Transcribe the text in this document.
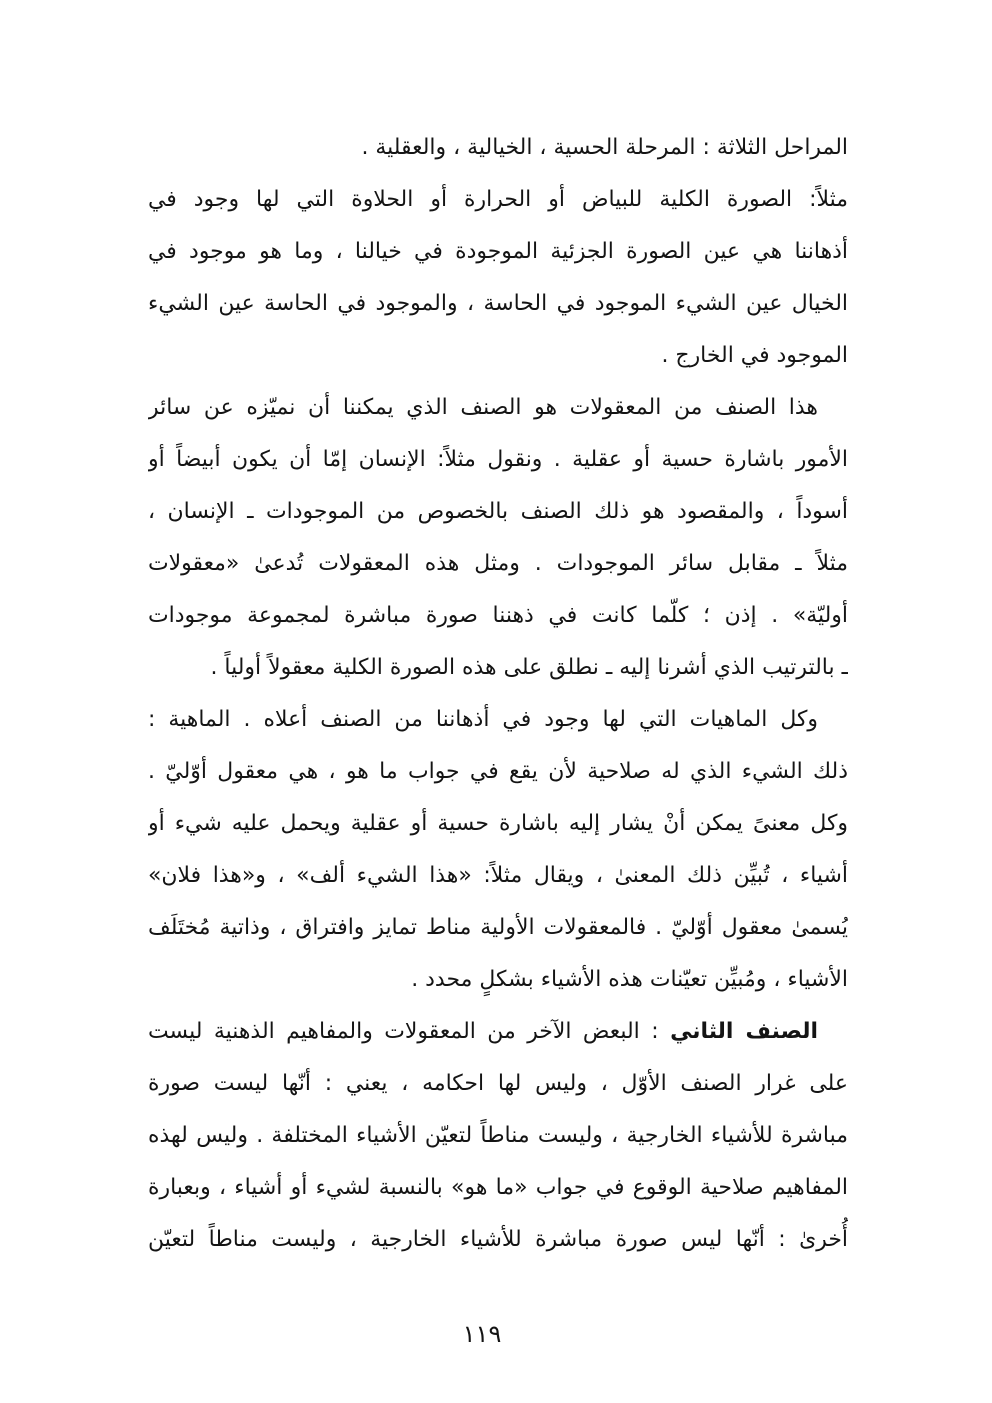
المراحل الثلاثة : المرحلة الحسية ، الخيالية ، والعقلية .
مثلاً: الصورة الكلية للبياض أو الحرارة أو الحلاوة التي لها وجود في
أذهاننا هي عين الصورة الجزئية الموجودة في خيالنا ، وما هو موجود في
الخيال عين الشيء الموجود في الحاسة ، والموجود في الحاسة عين الشيء
الموجود في الخارج .
هذا الصنف من المعقولات هو الصنف الذي يمكننا أن نميّزه عن سائر
الأمور باشارة حسية أو عقلية . ونقول مثلاً: الإنسان إمّا أن يكون أبيضاً أو
أسوداً ، والمقصود هو ذلك الصنف بالخصوص من الموجودات ـ الإنسان ،
مثلاً ـ مقابل سائر الموجودات . ومثل هذه المعقولات تُدعىٰ «معقولات
أوليّة» . إذن ؛ كلّما كانت في ذهننا صورة مباشرة لمجموعة موجودات
ـ بالترتيب الذي أشرنا إليه ـ نطلق على هذه الصورة الكلية معقولاً أولياً .
وكل الماهيات التي لها وجود في أذهاننا من الصنف أعلاه . الماهية :
ذلك الشيء الذي له صلاحية لأن يقع في جواب ما هو ، هي معقول أوّليّ .
وكل معنىً يمكن أنْ يشار إليه باشارة حسية أو عقلية ويحمل عليه شيء أو
أشياء ، تُبيِّن ذلك المعنىٰ ، ويقال مثلاً: «هذا الشيء ألف» ، و«هذا فلان»
يُسمىٰ معقول أوّليّ . فالمعقولات الأولية مناط تمايز وافتراق ، وذاتية مُختَلَف
الأشياء ، ومُبيِّن تعيّنات هذه الأشياء بشكلٍ محدد .
الصنف الثاني : البعض الآخر من المعقولات والمفاهيم الذهنية ليست
على غرار الصنف الأوّل ، وليس لها احكامه ، يعني : أنّها ليست صورة
مباشرة للأشياء الخارجية ، وليست مناطاً لتعيّن الأشياء المختلفة . وليس لهذه
المفاهيم صلاحية الوقوع في جواب «ما هو» بالنسبة لشيء أو أشياء ، وبعبارة
أُخرىٰ : أنّها ليس صورة مباشرة للأشياء الخارجية ، وليست مناطاً لتعيّن
١١٩
